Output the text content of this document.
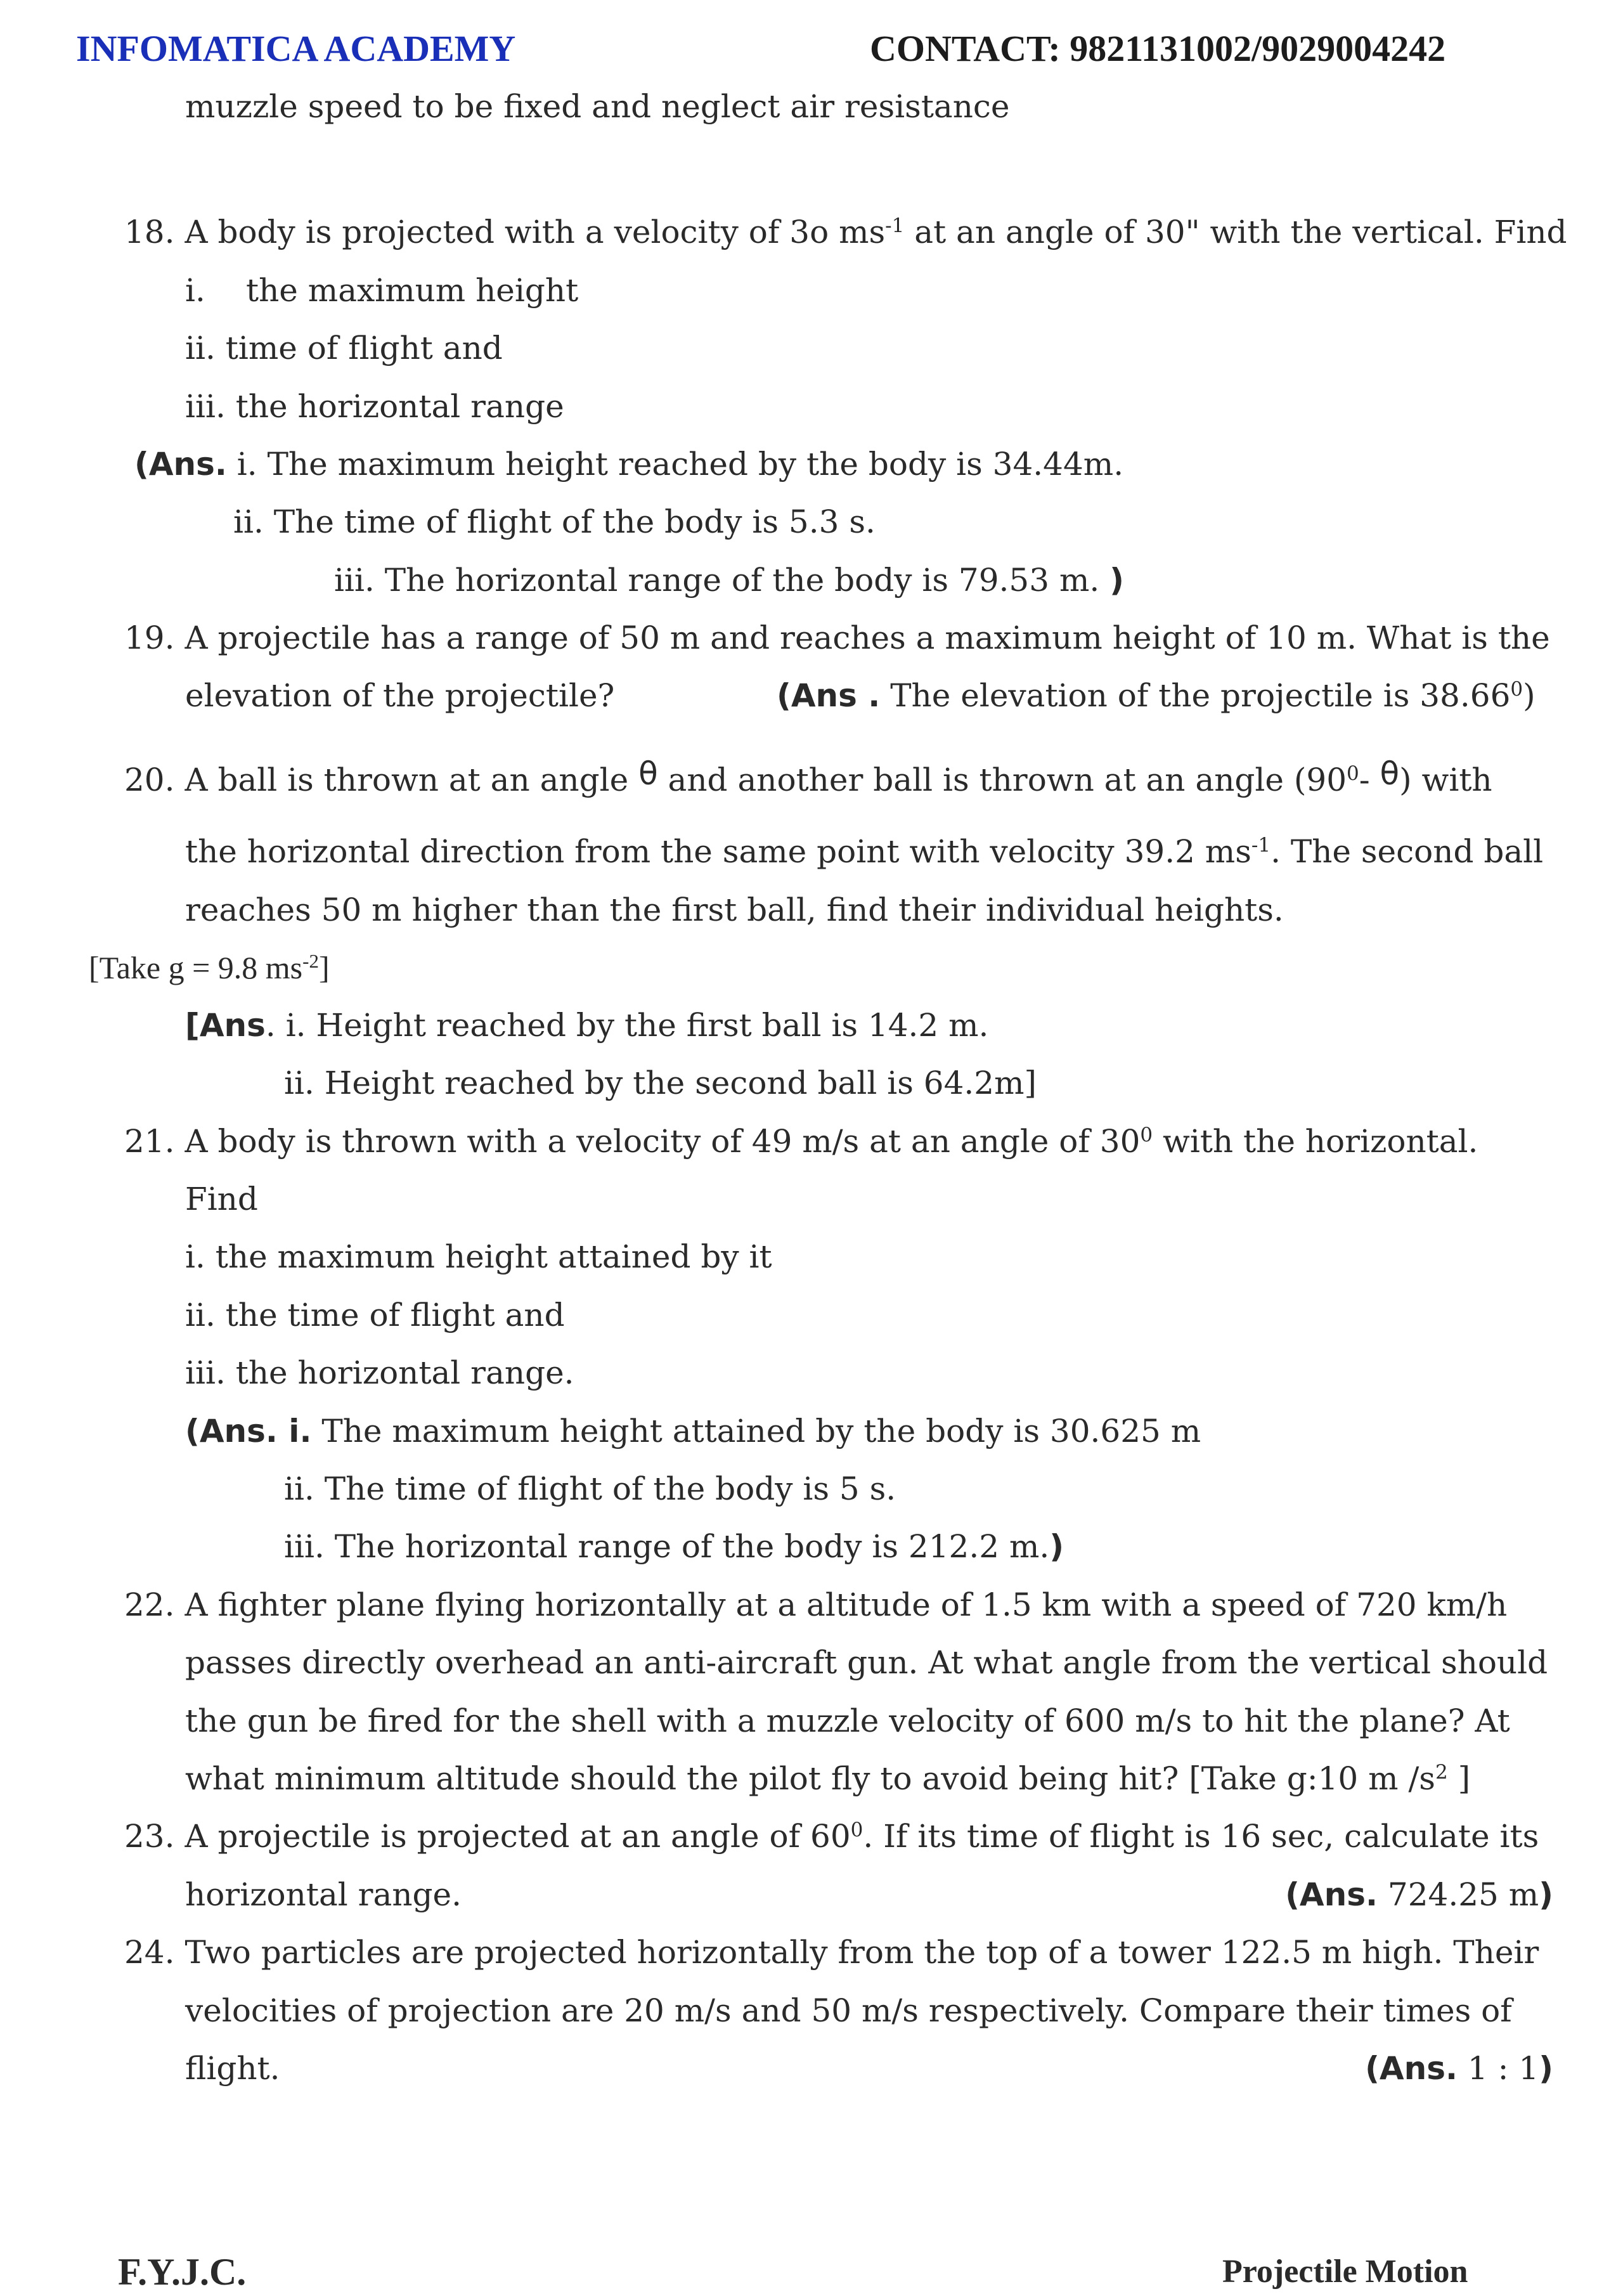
INFOMATICA ACADEMY	CONTACT: 9821131002/9029004242
muzzle speed to be fixed and neglect air resistance
18. A body is projected with a velocity of 3o $ms^{-1}$ at an angle of 30" with the vertical. Find
i. the maximum height
ii. time of flight and
iii. the horizontal range
(Ans. i. The maximum height reached by the body is 34.44m.
ii. The time of flight of the body is 5.3 s.
iii. The horizontal range of the body is 79.53 m. )
19. A projectile has a range of 50 m and reaches a maximum height of 10 m. What is the
elevation of the projectile?	(Ans . The elevation of the projectile is 38.66$^0$)
20. A ball is thrown at an angle θ and another ball is thrown at an angle ($90^0-$ θ) with
the horizontal direction from the same point with velocity 39.2 $ms^{-1}$. The second ball
reaches 50 m higher than the first ball, find their individual heights.
[Take g = 9.8 $ms^{-2}$]
[Ans. i. Height reached by the first ball is 14.2 m.
ii. Height reached by the second ball is 64.2m]
21. A body is thrown with a velocity of 49 m/s at an angle of $30^0$ with the horizontal.
Find
i. the maximum height attained by it
ii. the time of flight and
iii. the horizontal range.
(Ans. i. The maximum height attained by the body is 30.625 m
ii. The time of flight of the body is 5 s.
iii. The horizontal range of the body is 212.2 m.)
22. A fighter plane flying horizontally at a altitude of 1.5 km with a speed of 720 km/h
passes directly overhead an anti-aircraft gun. At what angle from the vertical should
the gun be fired for the shell with a muzzle velocity of 600 m/s to hit the plane? At
what minimum altitude should the pilot fly to avoid being hit? [Take g:10 m $/s^2$ ]
23. A projectile is projected at an angle of $60^0$. If its time of flight is 16 sec, calculate its
horizontal range.	(Ans. 724.25 m)
24. Two particles are projected horizontally from the top of a tower 122.5 m high. Their
velocities of projection are 20 m/s and 50 m/s respectively. Compare their times of
flight.	(Ans. 1 : 1)
F.Y.J.C.	Projectile Motion
